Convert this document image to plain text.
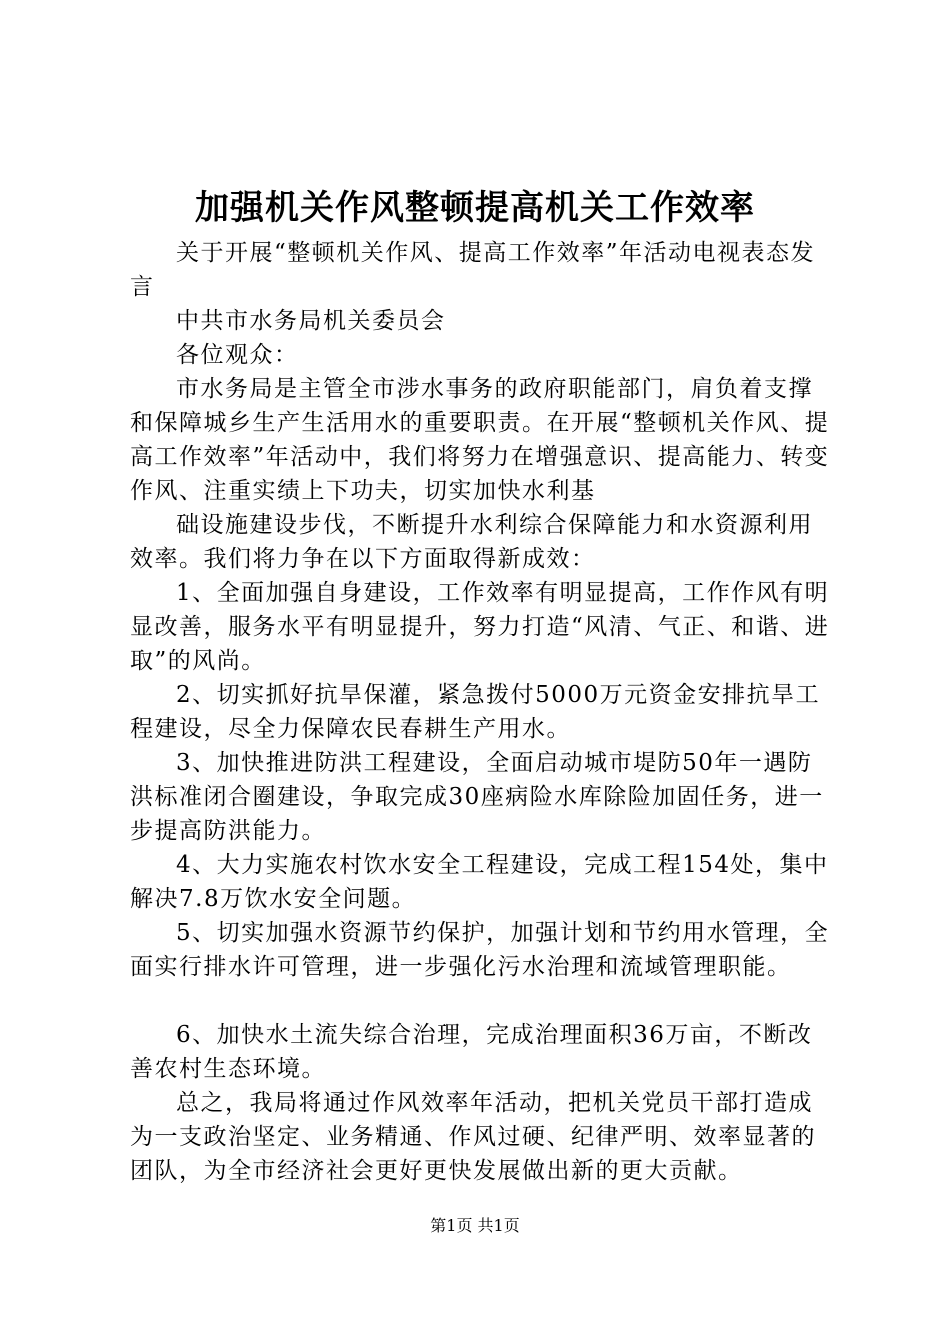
加强机关作风整顿提高机关工作效率

关于开展“整顿机关作风、提高工作效率”年活动电视表态发言

中共市水务局机关委员会

各位观众：

市水务局是主管全市涉水事务的政府职能部门，肩负着支撑和保障城乡生产生活用水的重要职责。在开展“整顿机关作风、提高工作效率”年活动中，我们将努力在增强意识、提高能力、转变作风、注重实绩上下功夫，切实加快水利基

础设施建设步伐，不断提升水利综合保障能力和水资源利用效率。我们将力争在以下方面取得新成效：

1、全面加强自身建设，工作效率有明显提高，工作作风有明显改善，服务水平有明显提升，努力打造“风清、气正、和谐、进取”的风尚。

2、切实抓好抗旱保灌，紧急拨付5000万元资金安排抗旱工程建设，尽全力保障农民春耕生产用水。

3、加快推进防洪工程建设，全面启动城市堤防50年一遇防洪标准闭合圈建设，争取完成30座病险水库除险加固任务，进一步提高防洪能力。

4、大力实施农村饮水安全工程建设，完成工程154处，集中解决7.8万饮水安全问题。

5、切实加强水资源节约保护，加强计划和节约用水管理，全面实行排水许可管理，进一步强化污水治理和流域管理职能。

6、加快水土流失综合治理，完成治理面积36万亩，不断改善农村生态环境。

总之，我局将通过作风效率年活动，把机关党员干部打造成为一支政治坚定、业务精通、作风过硬、纪律严明、效率显著的团队，为全市经济社会更好更快发展做出新的更大贡献。

第1页 共1页
